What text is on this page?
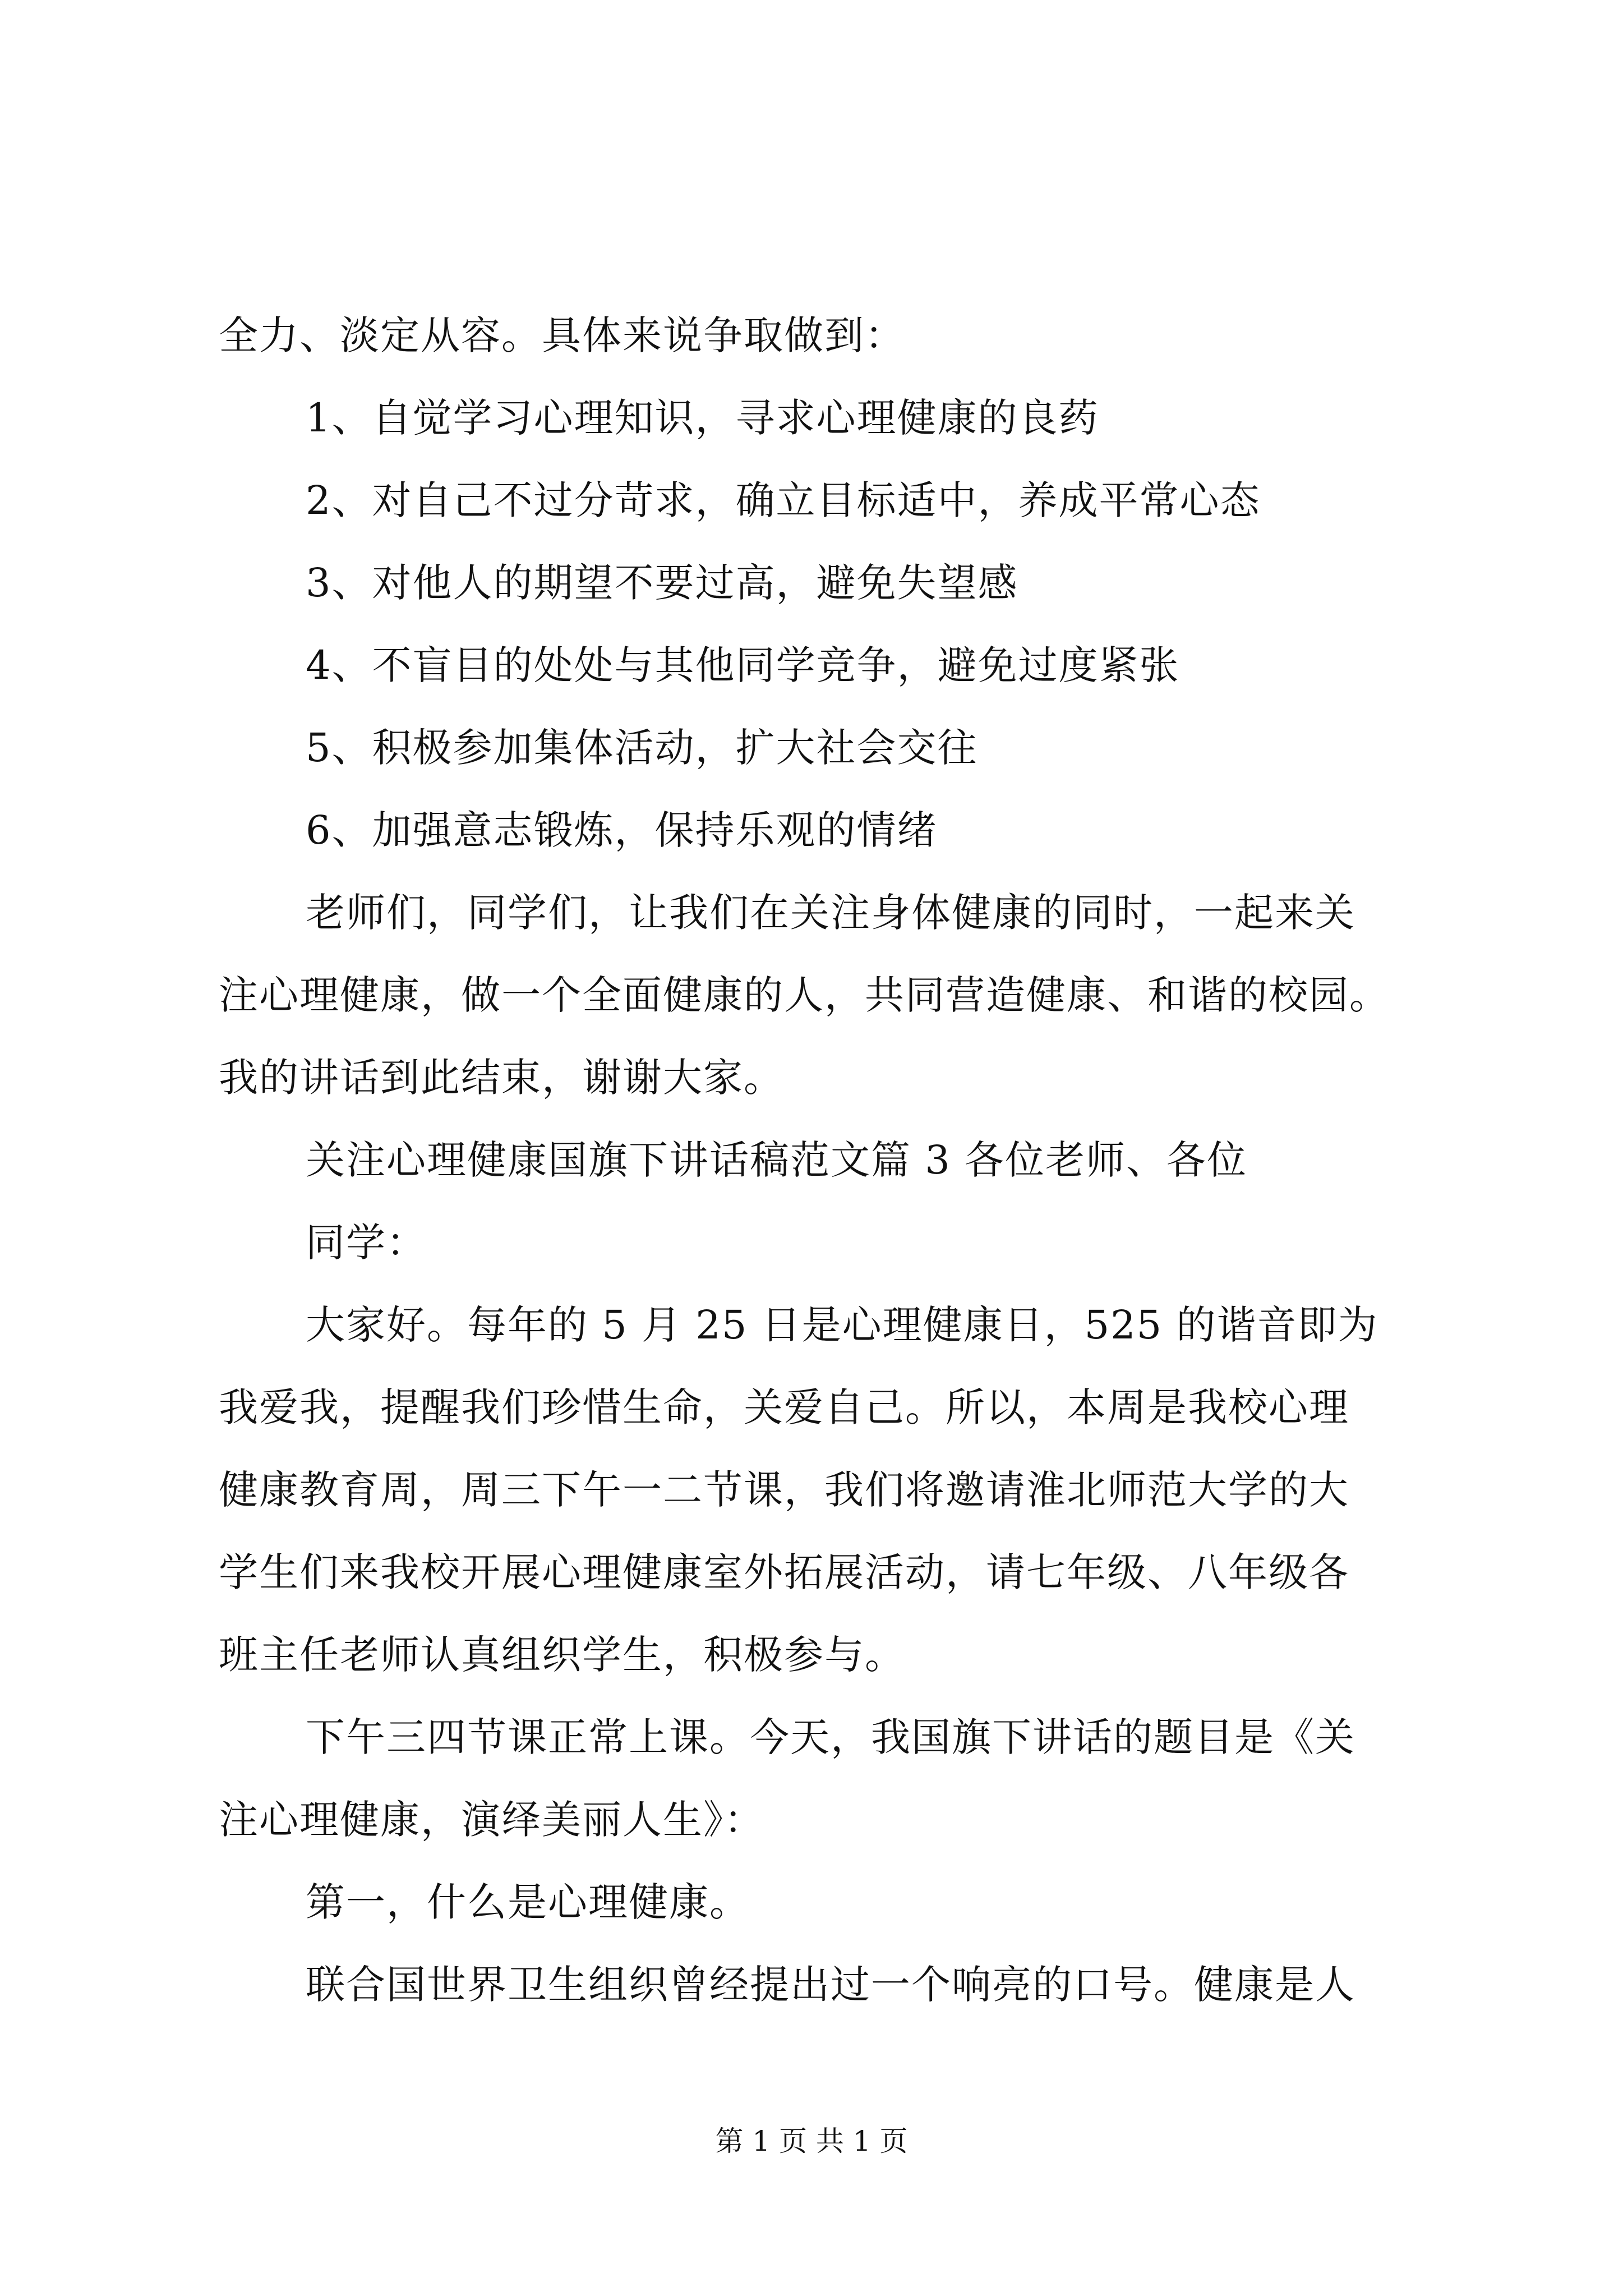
全力、淡定从容。具体来说争取做到：
1、自觉学习心理知识，寻求心理健康的良药
2、对自己不过分苛求，确立目标适中，养成平常心态
3、对他人的期望不要过高，避免失望感
4、不盲目的处处与其他同学竞争，避免过度紧张
5、积极参加集体活动，扩大社会交往
6、加强意志锻炼，保持乐观的情绪
老师们，同学们，让我们在关注身体健康的同时，一起来关
注心理健康，做一个全面健康的人，共同营造健康、和谐的校园。
我的讲话到此结束，谢谢大家。
关注心理健康国旗下讲话稿范文篇 3 各位老师、各位
同学：
大家好。每年的 5 月 25 日是心理健康日，525 的谐音即为
我爱我，提醒我们珍惜生命，关爱自己。所以，本周是我校心理
健康教育周，周三下午一二节课，我们将邀请淮北师范大学的大
学生们来我校开展心理健康室外拓展活动，请七年级、八年级各
班主任老师认真组织学生，积极参与。
下午三四节课正常上课。今天，我国旗下讲话的题目是《关
注心理健康，演绎美丽人生》：
第一，什么是心理健康。
联合国世界卫生组织曾经提出过一个响亮的口号。健康是人
第 1 页 共 1 页
